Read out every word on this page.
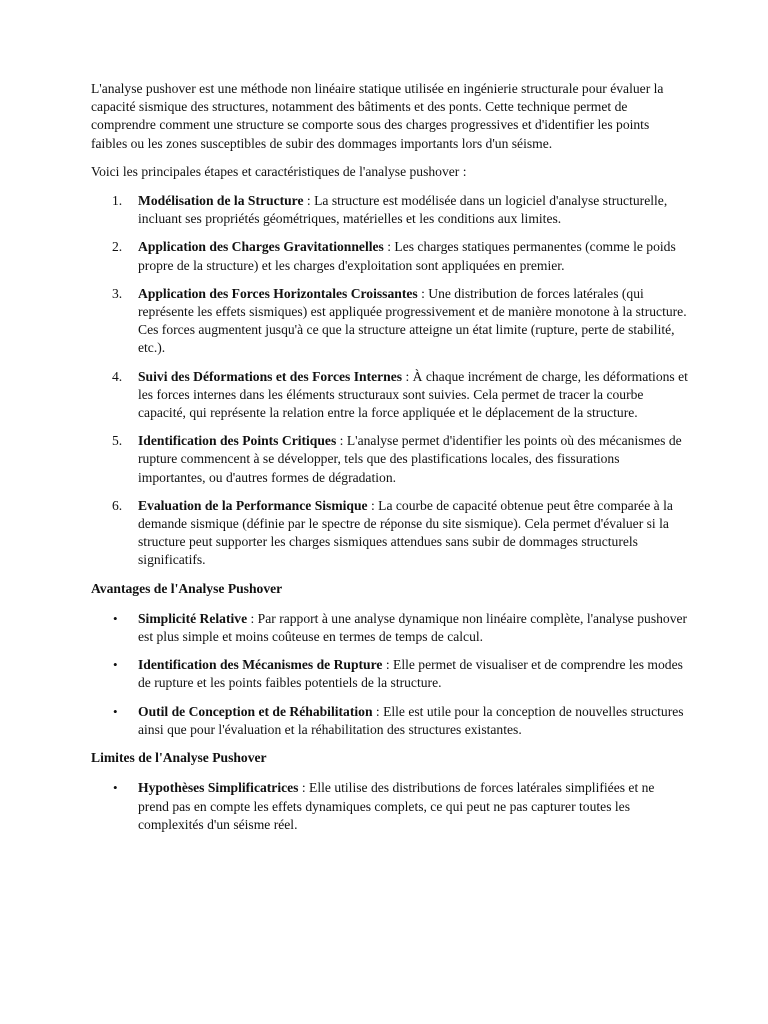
L'analyse pushover est une méthode non linéaire statique utilisée en ingénierie structurale pour évaluer la capacité sismique des structures, notamment des bâtiments et des ponts. Cette technique permet de comprendre comment une structure se comporte sous des charges progressives et d'identifier les points faibles ou les zones susceptibles de subir des dommages importants lors d'un séisme.

Voici les principales étapes et caractéristiques de l'analyse pushover :

1. Modélisation de la Structure : La structure est modélisée dans un logiciel d'analyse structurelle, incluant ses propriétés géométriques, matérielles et les conditions aux limites.
2. Application des Charges Gravitationnelles : Les charges statiques permanentes (comme le poids propre de la structure) et les charges d'exploitation sont appliquées en premier.
3. Application des Forces Horizontales Croissantes : Une distribution de forces latérales (qui représente les effets sismiques) est appliquée progressivement et de manière monotone à la structure. Ces forces augmentent jusqu'à ce que la structure atteigne un état limite (rupture, perte de stabilité, etc.).
4. Suivi des Déformations et des Forces Internes : À chaque incrément de charge, les déformations et les forces internes dans les éléments structuraux sont suivies. Cela permet de tracer la courbe capacité, qui représente la relation entre la force appliquée et le déplacement de la structure.
5. Identification des Points Critiques : L'analyse permet d'identifier les points où des mécanismes de rupture commencent à se développer, tels que des plastifications locales, des fissurations importantes, ou d'autres formes de dégradation.
6. Evaluation de la Performance Sismique : La courbe de capacité obtenue peut être comparée à la demande sismique (définie par le spectre de réponse du site sismique). Cela permet d'évaluer si la structure peut supporter les charges sismiques attendues sans subir de dommages structurels significatifs.
Avantages de l'Analyse Pushover
• Simplicité Relative : Par rapport à une analyse dynamique non linéaire complète, l'analyse pushover est plus simple et moins coûteuse en termes de temps de calcul.
• Identification des Mécanismes de Rupture : Elle permet de visualiser et de comprendre les modes de rupture et les points faibles potentiels de la structure.
• Outil de Conception et de Réhabilitation : Elle est utile pour la conception de nouvelles structures ainsi que pour l'évaluation et la réhabilitation des structures existantes.
Limites de l'Analyse Pushover
• Hypothèses Simplificatrices : Elle utilise des distributions de forces latérales simplifiées et ne prend pas en compte les effets dynamiques complets, ce qui peut ne pas capturer toutes les complexités d'un séisme réel.
